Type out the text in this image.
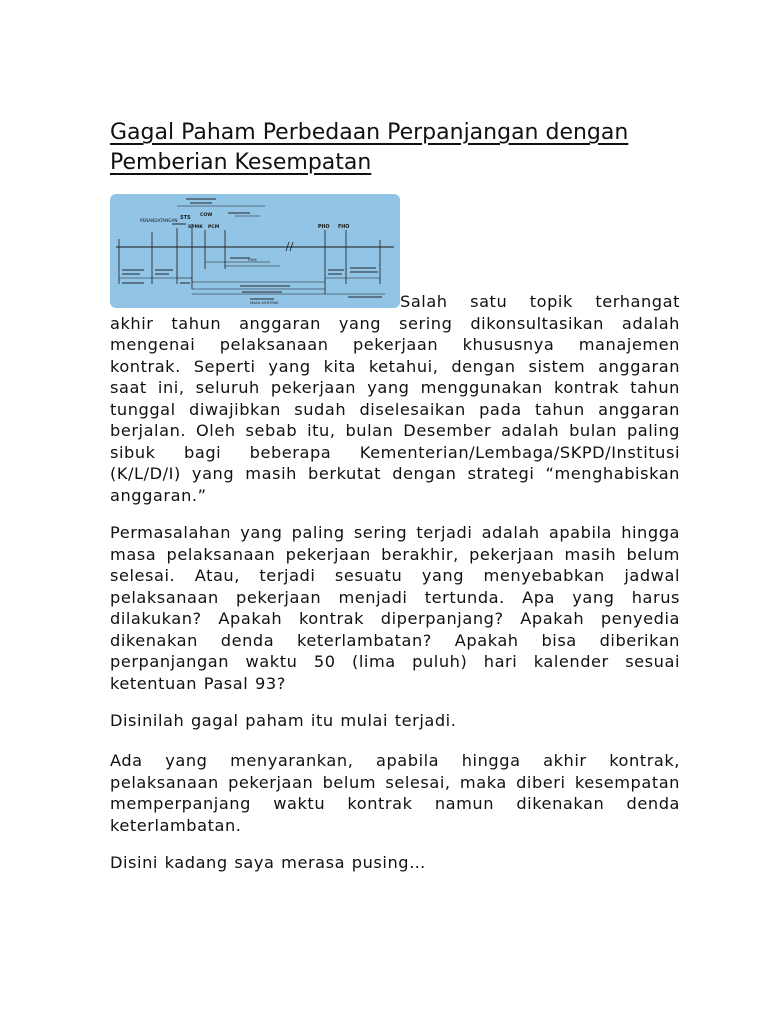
Gagal Paham Perbedaan Perpanjangan dengan Pemberian Kesempatan
PENANDATANGAN STS COW
SPMK PCM	PHO FHO
FISIK
MASA KONTRAK	Salah satu topik terhangat akhir tahun anggaran yang sering dikonsultasikan adalah mengenai pelaksanaan pekerjaan khususnya manajemen kontrak. Seperti yang kita ketahui, dengan sistem anggaran saat ini, seluruh pekerjaan yang menggunakan kontrak tahun tunggal diwajibkan sudah diselesaikan pada tahun anggaran berjalan. Oleh sebab itu, bulan Desember adalah bulan paling sibuk bagi beberapa Kementerian/Lembaga/SKPD/Institusi (K/L/D/I) yang masih berkutat dengan strategi “menghabiskan anggaran.”

Permasalahan yang paling sering terjadi adalah apabila hingga masa pelaksanaan pekerjaan berakhir, pekerjaan masih belum selesai. Atau, terjadi sesuatu yang menyebabkan jadwal pelaksanaan pekerjaan menjadi tertunda. Apa yang harus dilakukan? Apakah kontrak diperpanjang? Apakah penyedia dikenakan denda keterlambatan? Apakah bisa diberikan perpanjangan waktu 50 (lima puluh) hari kalender sesuai ketentuan Pasal 93?

Disinilah gagal paham itu mulai terjadi.

Ada yang menyarankan, apabila hingga akhir kontrak, pelaksanaan pekerjaan belum selesai, maka diberi kesempatan memperpanjang waktu kontrak namun dikenakan denda keterlambatan.

Disini kadang saya merasa pusing…
